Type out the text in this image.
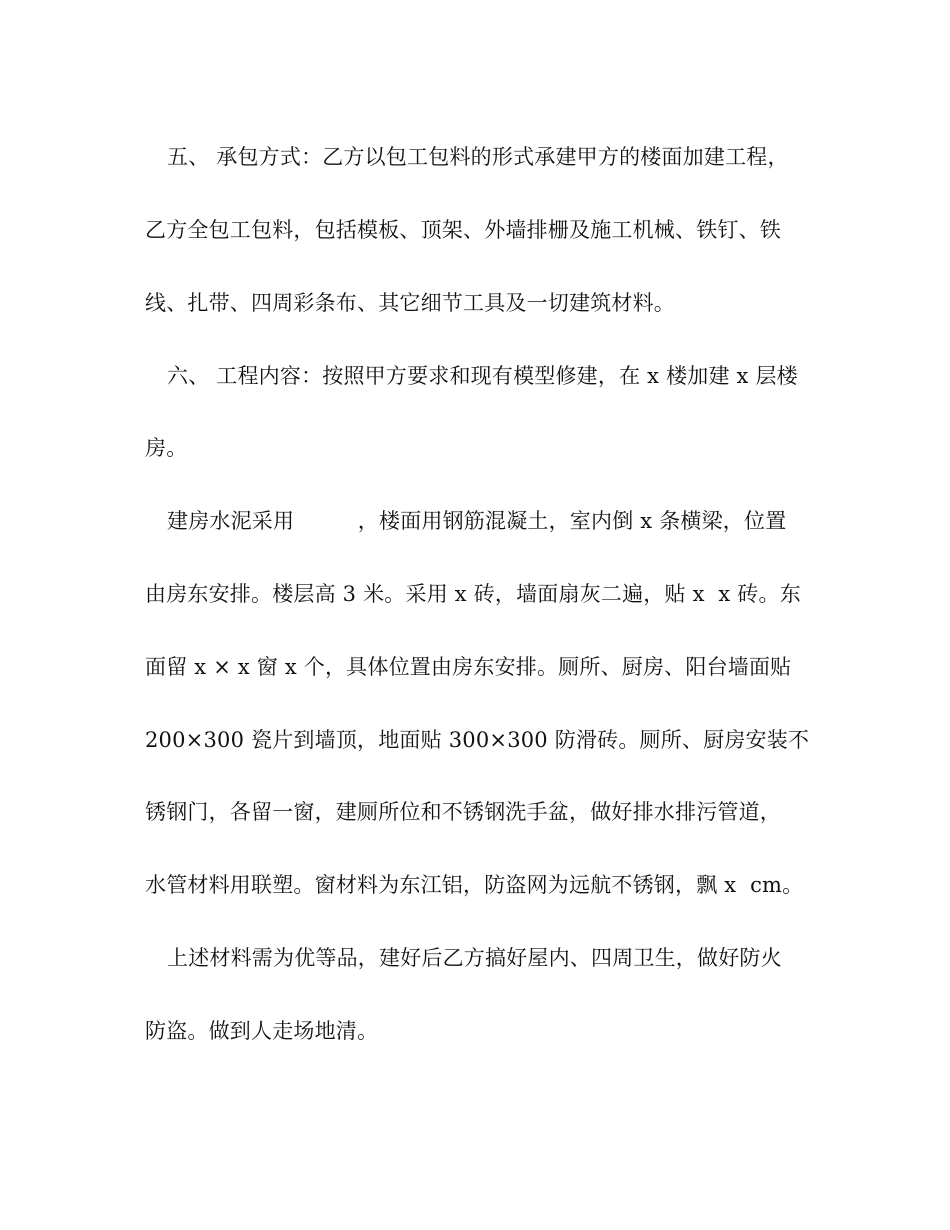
五、 承包方式：乙方以包工包料的形式承建甲方的楼面加建工程，
乙方全包工包料，包括模板、顶架、外墙排栅及施工机械、铁钉、铁
线、扎带、四周彩条布、其它细节工具及一切建筑材料。
六、 工程内容：按照甲方要求和现有模型修建，在 x 楼加建 x 层楼
房。
建房水泥采用　　　，楼面用钢筋混凝土，室内倒 x 条横梁，位置
由房东安排。楼层高 3 米。采用 x 砖，墙面扇灰二遍，贴 x  x 砖。东
面留 x × x 窗 x 个，具体位置由房东安排。厕所、厨房、阳台墙面贴
200×300 瓷片到墙顶，地面贴 300×300 防滑砖。厕所、厨房安装不
锈钢门，各留一窗，建厕所位和不锈钢洗手盆，做好排水排污管道，
水管材料用联塑。窗材料为东江铝，防盗网为远航不锈钢，飘 x  cm。
上述材料需为优等品，建好后乙方搞好屋内、四周卫生，做好防火
防盗。做到人走场地清。
